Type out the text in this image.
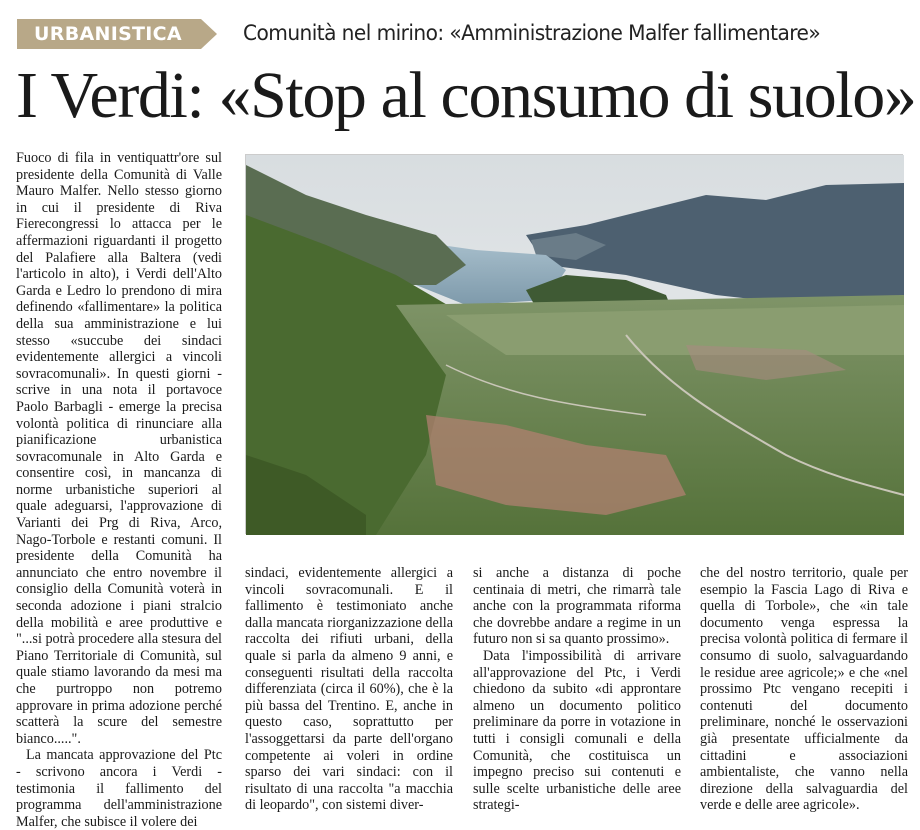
URBANISTICA	Comunità nel mirino: «Amministrazione Malfer fallimentare»
I Verdi: «Stop al consumo di suolo»

Fuoco di fila in ventiquattr'ore sul presidente della Comunità di Valle Mauro Malfer. Nello stesso giorno in cui il presidente di Riva Fierecongressi lo attacca per le affermazioni riguardanti il progetto del Palafiere alla Baltera (vedi l'articolo in alto), i Verdi dell'Alto Garda e Ledro lo prendono di mira definendo «fallimentare» la politica della sua amministrazione e lui stesso «succube dei sindaci evidentemente allergici a vincoli sovracomunali». In questi giorni - scrive in una nota il portavoce Paolo Barbagli - emerge la precisa volontà politica di rinunciare alla pianificazione urbanistica sovracomunale in Alto Garda e consentire così, in mancanza di norme urbanistiche superiori al quale adeguarsi, l'approvazione di Varianti dei Prg di Riva, Arco, Nago-Torbole e restanti comuni. Il presidente della Comunità ha annunciato che entro novembre il consiglio della Comunità voterà in seconda adozione i piani stralcio della mobilità e aree produttive e "...si potrà procedere alla stesura del Piano Territoriale di Comunità, sul quale stiamo lavorando da mesi ma che purtroppo non potremo approvare in prima adozione perché scatterà la scure del semestre bianco.....".

La mancata approvazione del Ptc - scrivono ancora i Verdi - testimonia il fallimento del programma dell'amministrazione Malfer, che subisce il volere dei

sindaci, evidentemente allergici a vincoli sovracomunali. E il fallimento è testimoniato anche dalla mancata riorganizzazione della raccolta dei rifiuti urbani, della quale si parla da almeno 9 anni, e conseguenti risultati della raccolta differenziata (circa il 60%), che è la più bassa del Trentino. E, anche in questo caso, soprattutto per l'assoggettarsi da parte dell'organo competente ai voleri in ordine sparso dei vari sindaci: con il risultato di una raccolta "a macchia di leopardo", con sistemi diver-

si anche a distanza di poche centinaia di metri, che rimarrà tale anche con la programmata riforma che dovrebbe andare a regime in un futuro non si sa quanto prossimo».

Data l'impossibilità di arrivare all'approvazione del Ptc, i Verdi chiedono da subito «di approntare almeno un documento politico preliminare da porre in votazione in tutti i consigli comunali e della Comunità, che costituisca un impegno preciso sui contenuti e sulle scelte urbanistiche delle aree strategi-

che del nostro territorio, quale per esempio la Fascia Lago di Riva e quella di Torbole», che «in tale documento venga espressa la precisa volontà politica di fermare il consumo di suolo, salvaguardando le residue aree agricole;» e che «nel prossimo Ptc vengano recepiti i contenuti del documento preliminare, nonché le osservazioni già presentate ufficialmente da cittadini e associazioni ambientaliste, che vanno nella direzione della salvaguardia del verde e delle aree agricole».
